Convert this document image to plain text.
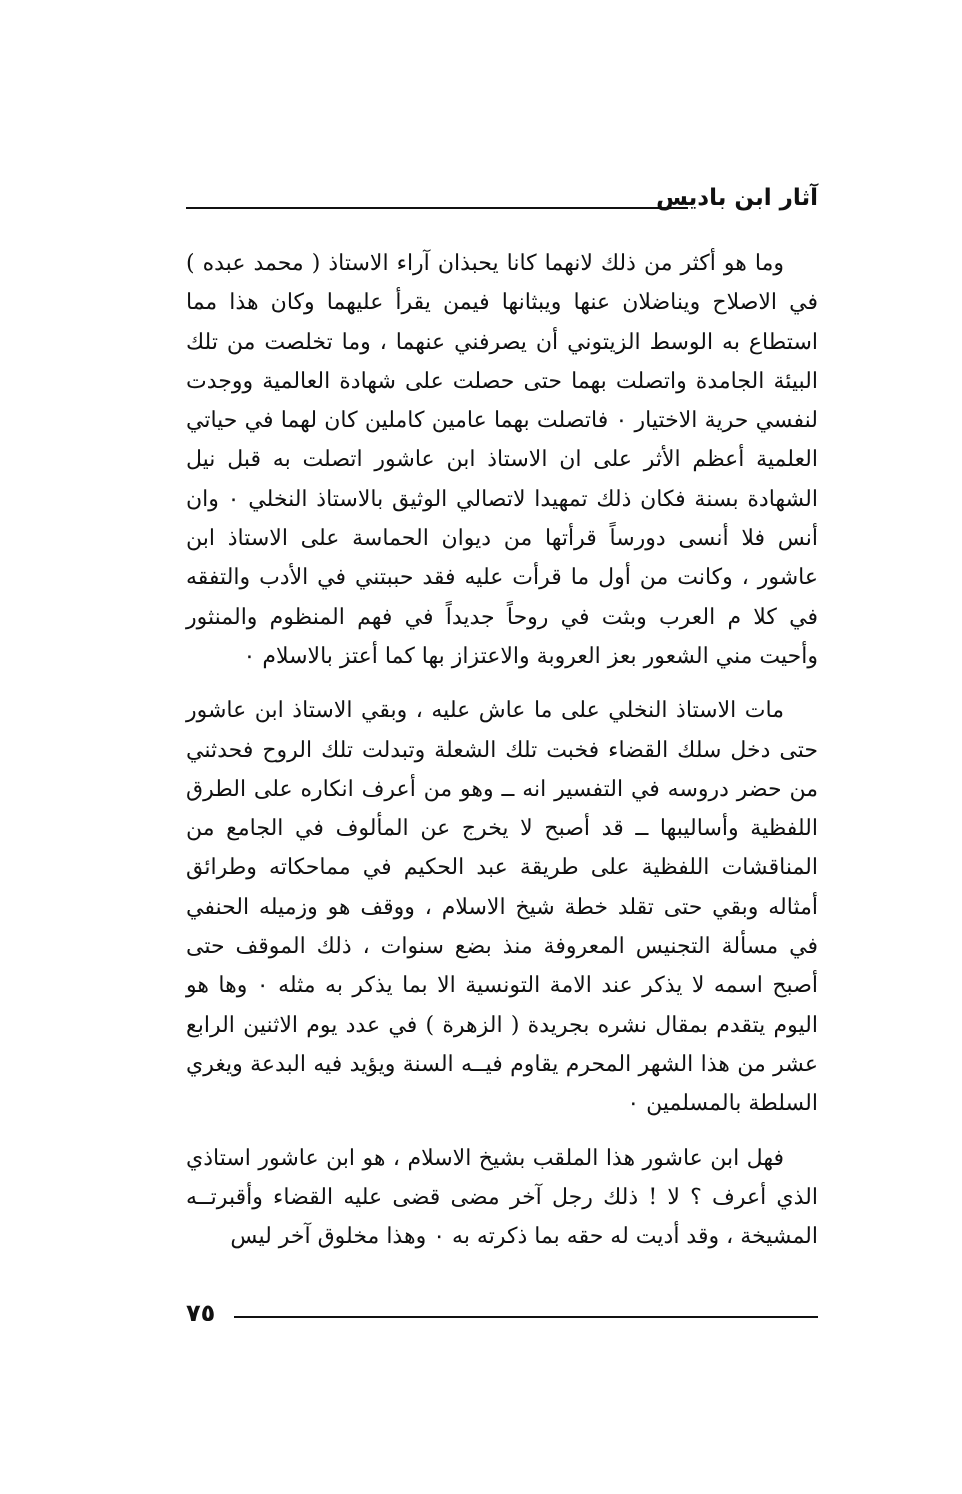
آثار ابن باديس

وما هو أكثر من ذلك لانهما كانا يحبذان آراء الاستاذ ( محمد عبده ) في الاصلاح ويناضلان عنها ويبثانها فيمن يقرأ عليهما وكان هذا مما استطاع به الوسط الزيتوني أن يصرفني عنهما ، وما تخلصت من تلك البيئة الجامدة واتصلت بهما حتى حصلت على شهادة العالمية ووجدت لنفسي حرية الاختيار ٠ فاتصلت بهما عامين كاملين كان لهما في حياتي العلمية أعظم الأثر على ان الاستاذ ابن عاشور اتصلت به قبل نيل الشهادة بسنة فكان ذلك تمهيدا لاتصالي الوثيق بالاستاذ النخلي ٠ وان أنس فلا أنسى دورساً قرأتها من ديوان الحماسة على الاستاذ ابن عاشور ، وكانت من أول ما قرأت عليه فقد حببتني في الأدب والتفقه في كلا م العرب وبثت في روحاً جديداً في فهم المنظوم والمنثور وأحيت مني الشعور بعز العروبة والاعتزاز بها كما أعتز بالاسلام ٠

مات الاستاذ النخلي على ما عاش عليه ، وبقي الاستاذ ابن عاشور حتى دخل سلك القضاء فخبت تلك الشعلة وتبدلت تلك الروح فحدثني من حضر دروسه في التفسير انه ــ وهو من أعرف انكاره على الطرق اللفظية وأساليبها ــ قد أصبح لا يخرج عن المألوف في الجامع من المناقشات اللفظية على طريقة عبد الحكيم في مماحكاته وطرائق أمثاله وبقي حتى تقلد خطة شيخ الاسلام ، ووقف هو وزميله الحنفي في مسألة التجنيس المعروفة منذ بضع سنوات ، ذلك الموقف حتى أصبح اسمه لا يذكر عند الامة التونسية الا بما يذكر به مثله ٠ وها هو اليوم يتقدم بمقال نشره بجريدة ( الزهرة ) في عدد يوم الاثنين الرابع عشر من هذا الشهر المحرم يقاوم فيــه السنة ويؤيد فيه البدعة ويغري السلطة بالمسلمين ٠

فهل ابن عاشور هذا الملقب بشيخ الاسلام ، هو ابن عاشور استاذي الذي أعرف ؟ لا ! ذلك رجل آخر مضى قضى عليه القضاء وأقبرتــه المشيخة ، وقد أديت له حقه بما ذكرته به ٠ وهذا مخلوق آخر ليس

٧٥
